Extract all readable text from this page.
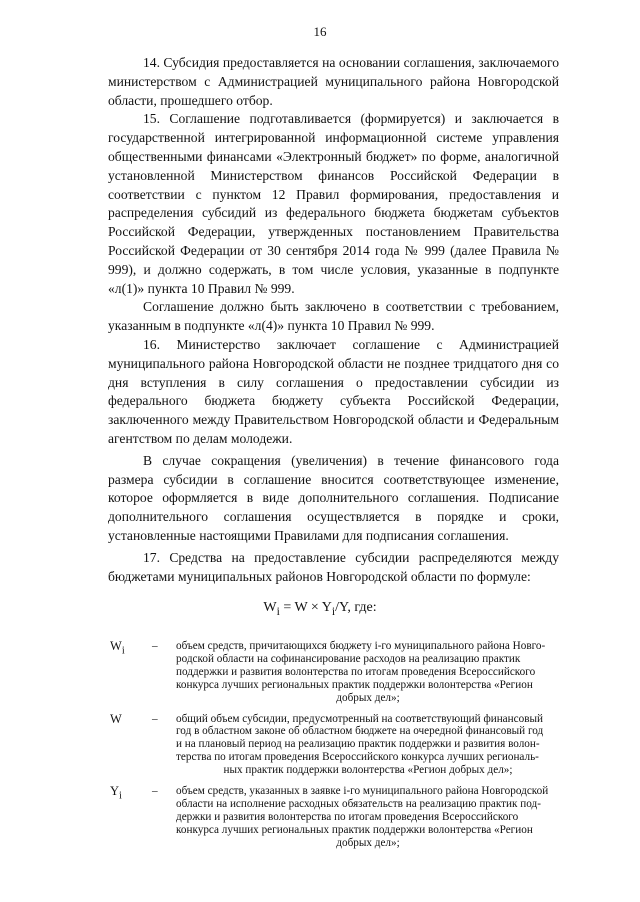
16

14. Субсидия предоставляется на основании соглашения, заключаемого министерством с Администрацией муниципального района Новгородской области, прошедшего отбор.

15. Соглашение подготавливается (формируется) и заключается в государственной интегрированной информационной системе управления общественными финансами «Электронный бюджет» по форме, аналогичной установленной Министерством финансов Российской Федерации в соответствии с пунктом 12 Правил формирования, предоставления и распределения субсидий из федерального бюджета бюджетам субъектов Российской Федерации, утвержденных постановлением Правительства Российской Федерации от 30 сентября 2014 года № 999 (далее Правила № 999), и должно содержать, в том числе условия, указанные в подпункте «л(1)» пункта 10 Правил № 999.

Соглашение должно быть заключено в соответствии с требованием, указанным в подпункте «л(4)» пункта 10 Правил № 999.

16. Министерство заключает соглашение с Администрацией муниципального района Новгородской области не позднее тридцатого дня со дня вступления в силу соглашения о предоставлении субсидии из федерального бюджета бюджету субъекта Российской Федерации, заключенного между Правительством Новгородской области и Федеральным агентством по делам молодежи.

В случае сокращения (увеличения) в течение финансового года размера субсидии в соглашение вносится соответствующее изменение, которое оформляется в виде дополнительного соглашения. Подписание дополнительного соглашения осуществляется в порядке и сроки, установленные настоящими Правилами для подписания соглашения.

17. Средства на предоставление субсидии распределяются между бюджетами муниципальных районов Новгородской области по формуле:

$W_i = W \times Y_i/Y$, где:
$W_i$	–	объем средств, причитающихся бюджету i-го муниципального района Новго-
родской области на софинансирование расходов на реализацию практик
поддержки и развития волонтерства по итогам проведения Всероссийского
конкурса лучших региональных практик поддержки волонтерства «Регион
добрых дел»;
W	–	общий объем субсидии, предусмотренный на соответствующий финансовый
год в областном законе об областном бюджете на очередной финансовый год
и на плановый период на реализацию практик поддержки и развития волон-
терства по итогам проведения Всероссийского конкурса лучших региональ-
ных практик поддержки волонтерства «Регион добрых дел»;
$Y_i$	–	объем средств, указанных в заявке i-го муниципального района Новгородской
области на исполнение расходных обязательств на реализацию практик под-
держки и развития волонтерства по итогам проведения Всероссийского
конкурса лучших региональных практик поддержки волонтерства «Регион
добрых дел»;
